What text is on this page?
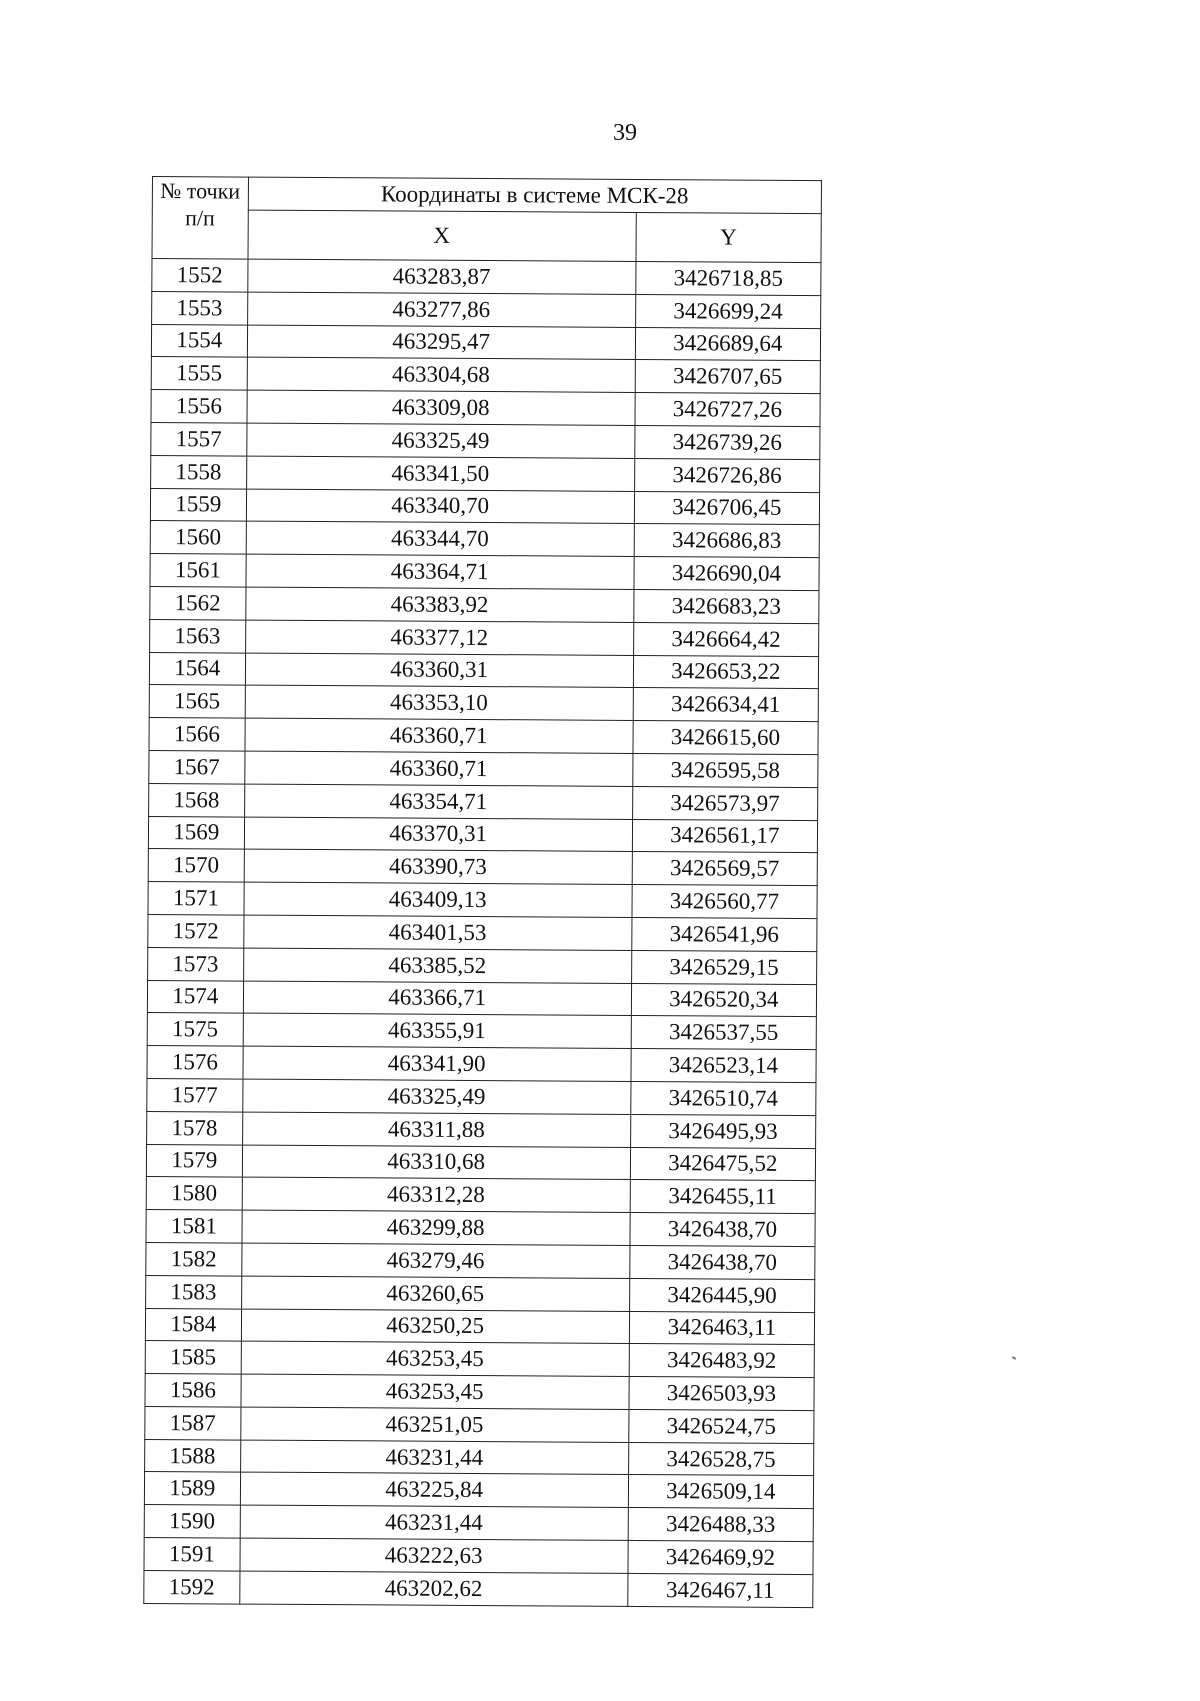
39
№ точки п/п	Координаты в системе МСК-28	
	X	Y
1552	463283,87	3426718,85
1553	463277,86	3426699,24
1554	463295,47	3426689,64
1555	463304,68	3426707,65
1556	463309,08	3426727,26
1557	463325,49	3426739,26
1558	463341,50	3426726,86
1559	463340,70	3426706,45
1560	463344,70	3426686,83
1561	463364,71	3426690,04
1562	463383,92	3426683,23
1563	463377,12	3426664,42
1564	463360,31	3426653,22
1565	463353,10	3426634,41
1566	463360,71	3426615,60
1567	463360,71	3426595,58
1568	463354,71	3426573,97
1569	463370,31	3426561,17
1570	463390,73	3426569,57
1571	463409,13	3426560,77
1572	463401,53	3426541,96
1573	463385,52	3426529,15
1574	463366,71	3426520,34
1575	463355,91	3426537,55
1576	463341,90	3426523,14
1577	463325,49	3426510,74
1578	463311,88	3426495,93
1579	463310,68	3426475,52
1580	463312,28	3426455,11
1581	463299,88	3426438,70
1582	463279,46	3426438,70
1583	463260,65	3426445,90
1584	463250,25	3426463,11
1585	463253,45	3426483,92
1586	463253,45	3426503,93
1587	463251,05	3426524,75
1588	463231,44	3426528,75
1589	463225,84	3426509,14
1590	463231,44	3426488,33
1591	463222,63	3426469,92
1592	463202,62	3426467,11
